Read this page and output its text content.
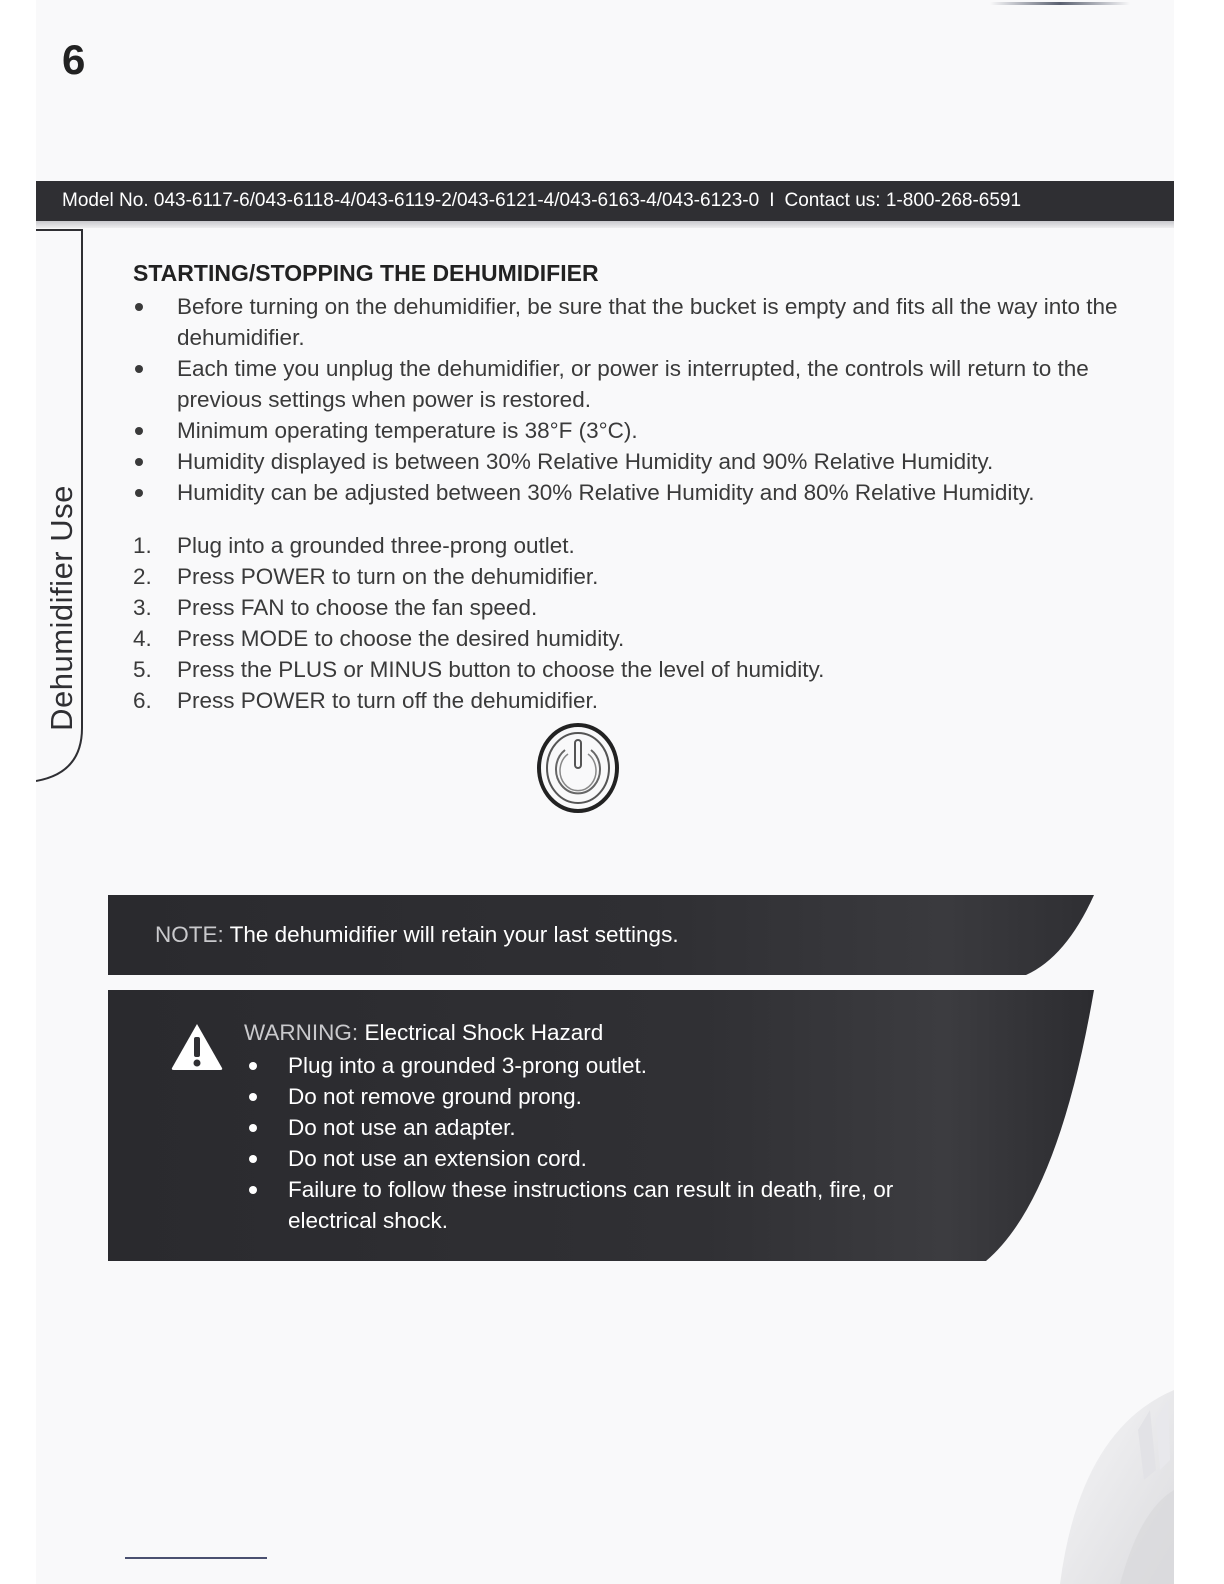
6
Model No. 043-6117-6/043-6118-4/043-6119-2/043-6121-4/043-6163-4/043-6123-0 I Contact us: 1-800-268-6591
Dehumidifier Use
STARTING/STOPPING THE DEHUMIDIFIER
Before turning on the dehumidifier, be sure that the bucket is empty and fits all the way into the dehumidifier.
Each time you unplug the dehumidifier, or power is interrupted, the controls will return to the previous settings when power is restored.
Minimum operating temperature is 38°F (3°C).
Humidity displayed is between 30% Relative Humidity and 90% Relative Humidity.
Humidity can be adjusted between 30% Relative Humidity and 80% Relative Humidity.
1. Plug into a grounded three-prong outlet.
2. Press POWER to turn on the dehumidifier.
3. Press FAN to choose the fan speed.
4. Press MODE to choose the desired humidity.
5. Press the PLUS or MINUS button to choose the level of humidity.
6. Press POWER to turn off the dehumidifier.
NOTE: The dehumidifier will retain your last settings.
WARNING: Electrical Shock Hazard
Plug into a grounded 3-prong outlet.
Do not remove ground prong.
Do not use an adapter.
Do not use an extension cord.
Failure to follow these instructions can result in death, fire, or electrical shock.
